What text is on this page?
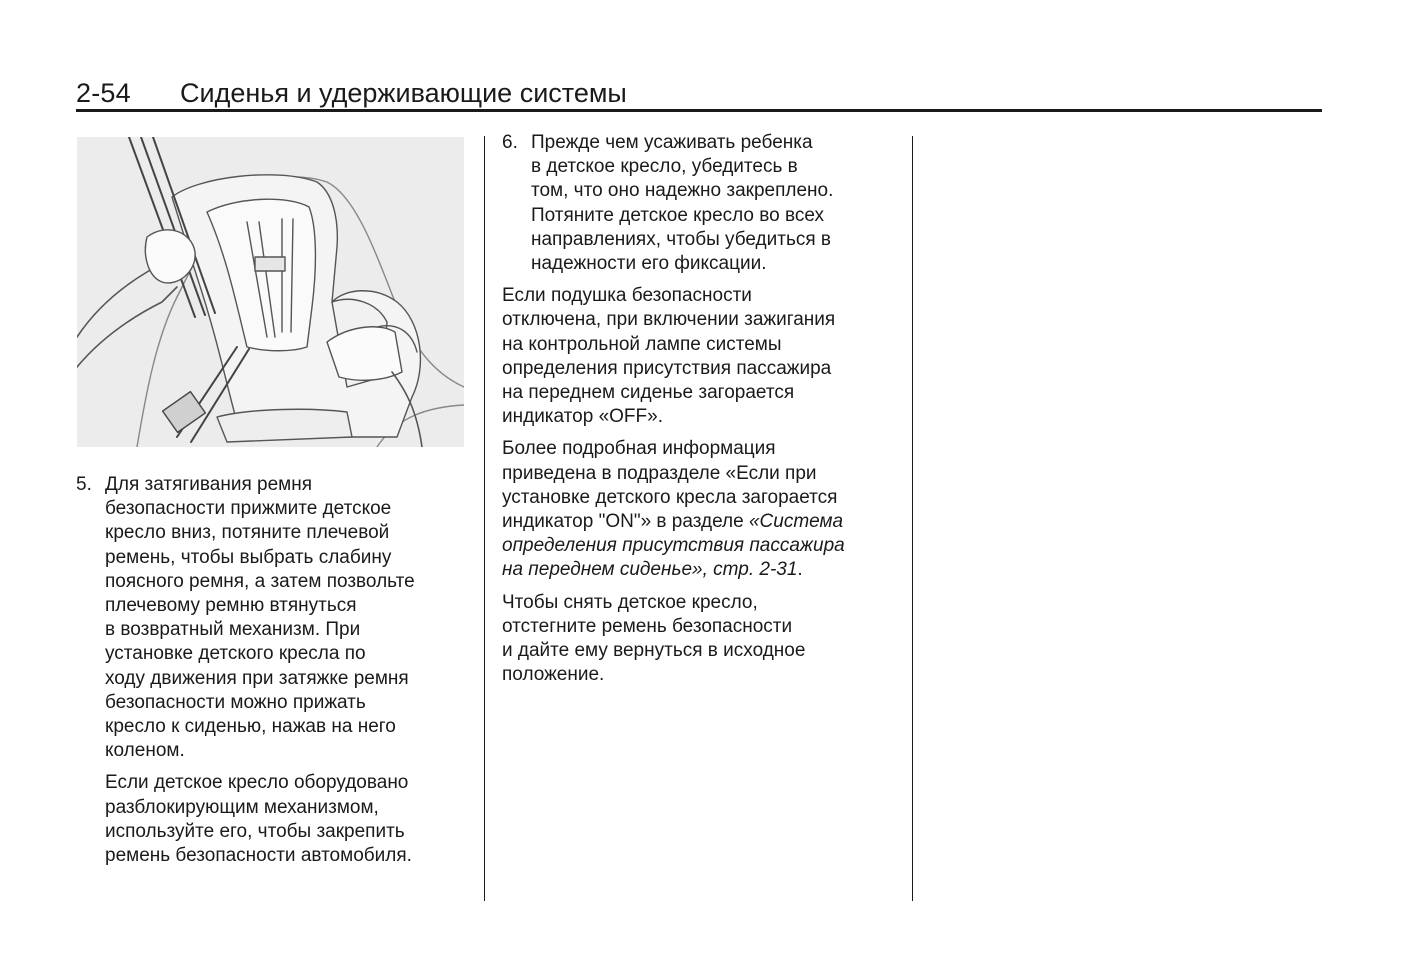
2-54 Сиденья и удерживающие системы
5. Для затягивания ремня
безопасности прижмите детское
кресло вниз, потяните плечевой
ремень, чтобы выбрать слабину
поясного ремня, а затем позвольте
плечевому ремню втянуться
в возвратный механизм. При
установке детского кресла по
ходу движения при затяжке ремня
безопасности можно прижать
кресло к сиденью, нажав на него
коленом.
Если детское кресло оборудовано
разблокирующим механизмом,
используйте его, чтобы закрепить
ремень безопасности автомобиля.
6. Прежде чем усаживать ребенка
в детское кресло, убедитесь в
том, что оно надежно закреплено.
Потяните детское кресло во всех
направлениях, чтобы убедиться в
надежности его фиксации.
Если подушка безопасности
отключена, при включении зажигания
на контрольной лампе системы
определения присутствия пассажира
на переднем сиденье загорается
индикатор «OFF».
Более подробная информация
приведена в подразделе «Если при
установке детского кресла загорается
индикатор "ON"» в разделе «Система
определения присутствия пассажира
на переднем сиденье», стр. 2-31.
Чтобы снять детское кресло,
отстегните ремень безопасности
и дайте ему вернуться в исходное
положение.
